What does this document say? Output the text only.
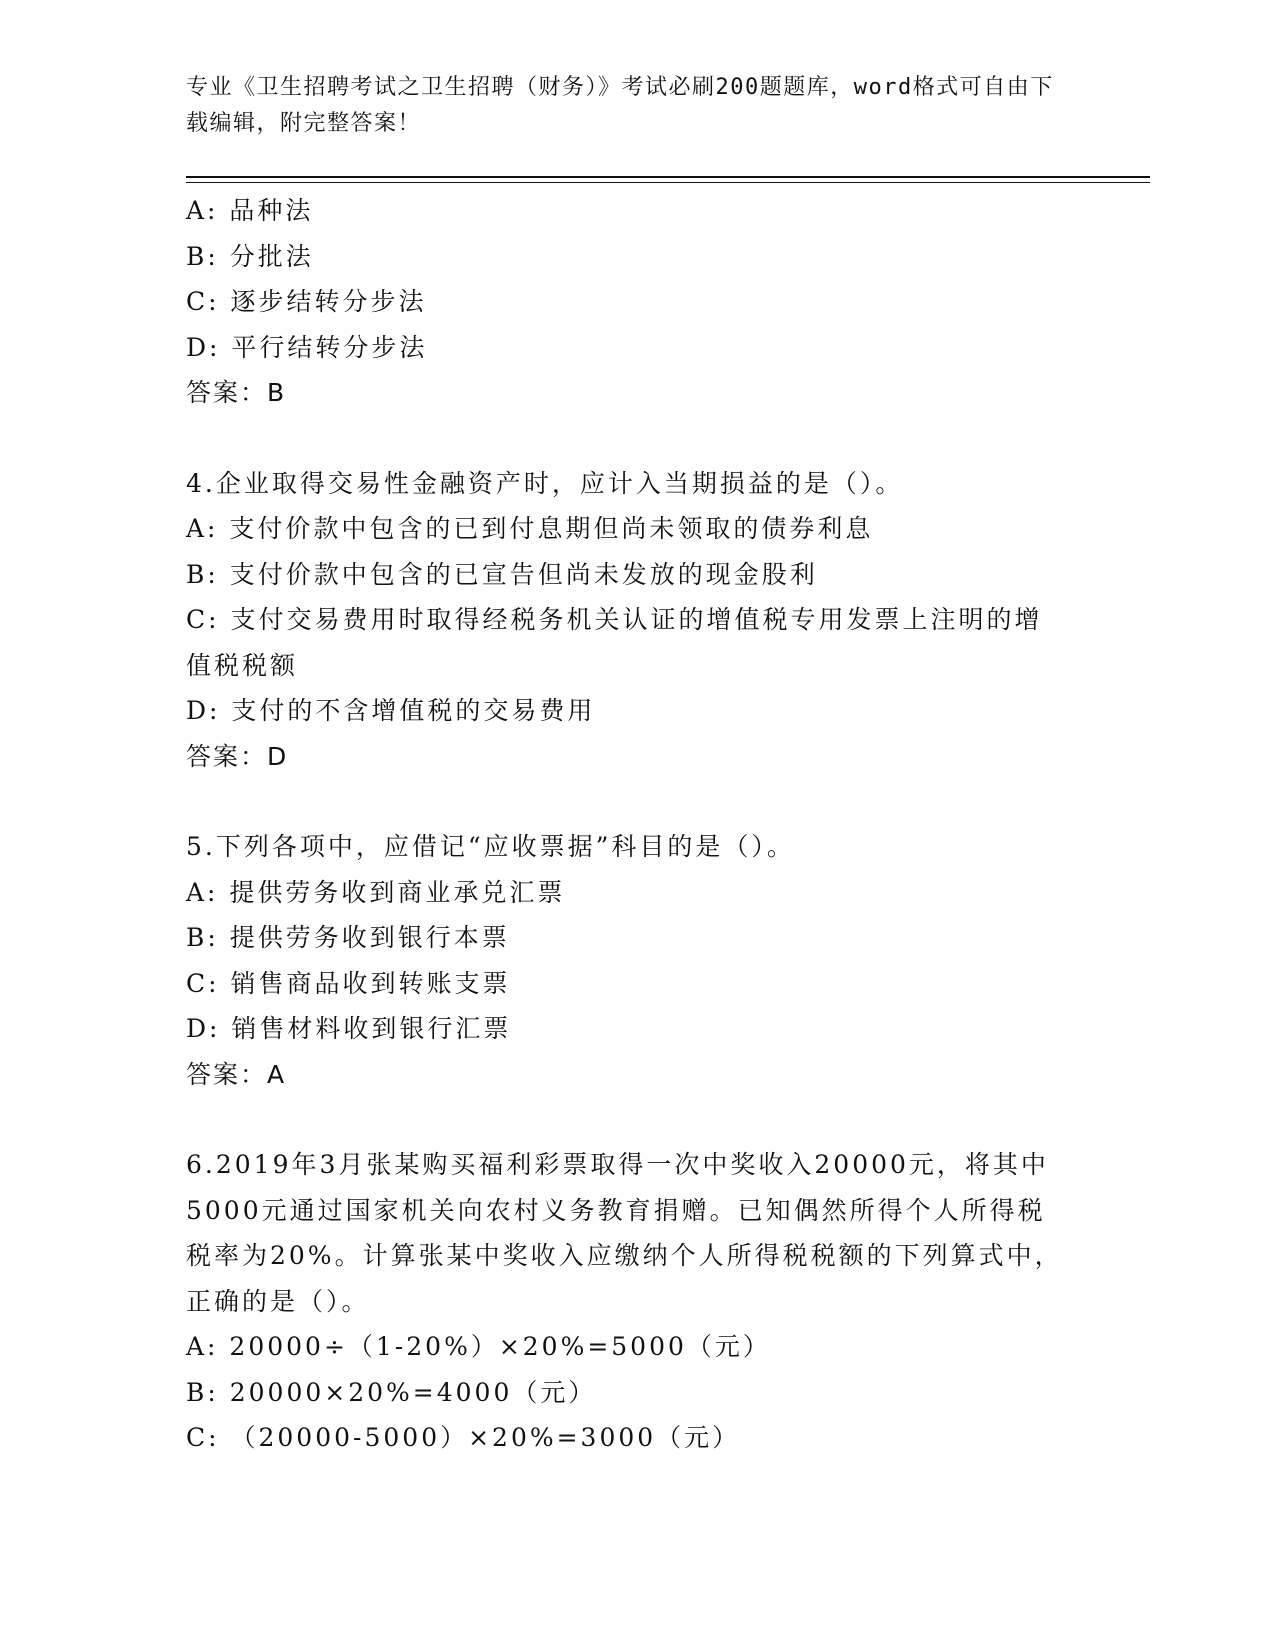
专业《卫生招聘考试之卫生招聘（财务）》考试必刷200题题库，word格式可自由下载编辑，附完整答案！
A: 品种法
B: 分批法
C: 逐步结转分步法
D: 平行结转分步法
答案：B
4.企业取得交易性金融资产时，应计入当期损益的是（）。
A: 支付价款中包含的已到付息期但尚未领取的债券利息
B: 支付价款中包含的已宣告但尚未发放的现金股利
C: 支付交易费用时取得经税务机关认证的增值税专用发票上注明的增值税税额
D: 支付的不含增值税的交易费用
答案：D
5.下列各项中，应借记“应收票据”科目的是（）。
A: 提供劳务收到商业承兑汇票
B: 提供劳务收到银行本票
C: 销售商品收到转账支票
D: 销售材料收到银行汇票
答案：A
6.2019年3月张某购买福利彩票取得一次中奖收入20000元，将其中5000元通过国家机关向农村义务教育捐赠。已知偶然所得个人所得税税率为20%。计算张某中奖收入应缴纳个人所得税税额的下列算式中，正确的是（）。
A: 20000÷（1-20%）×20%=5000（元）
B: 20000×20%=4000（元）
C: （20000-5000）×20%=3000（元）
